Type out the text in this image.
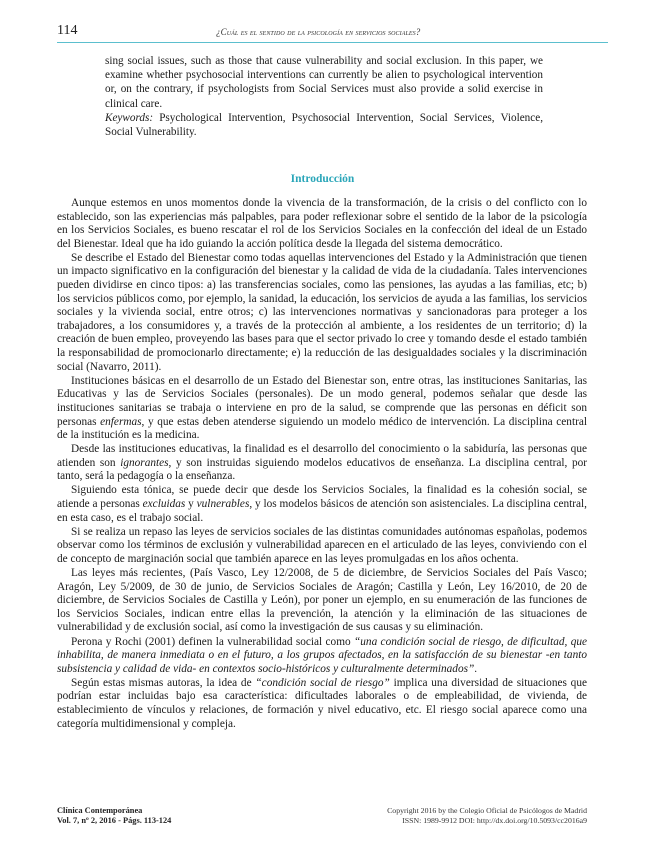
114	¿Cuál es el sentido de la psicología en servicios sociales?

sing social issues, such as those that cause vulnerability and social exclusion. In this paper, we examine whether psychosocial interventions can currently be alien to psychological intervention or, on the contrary, if psychologists from Social Services must also provide a solid exercise in clinical care.

Keywords: Psychological Intervention, Psychosocial Intervention, Social Services, Violence, Social Vulnerability.

Introducción

Aunque estemos en unos momentos donde la vivencia de la transformación, de la crisis o del conflicto con lo establecido, son las experiencias más palpables, para poder reflexionar sobre el sentido de la labor de la psicología en los Servicios Sociales, es bueno rescatar el rol de los Servicios Sociales en la confección del ideal de un Estado del Bienestar. Ideal que ha ido guiando la acción política desde la llegada del sistema democrático.

Se describe el Estado del Bienestar como todas aquellas intervenciones del Estado y la Administración que tienen un impacto significativo en la configuración del bienestar y la calidad de vida de la ciudadanía. Tales intervenciones pueden dividirse en cinco tipos: a) las transferencias sociales, como las pensiones, las ayudas a las familias, etc; b) los servicios públicos como, por ejemplo, la sanidad, la educación, los servicios de ayuda a las familias, los servicios sociales y la vivienda social, entre otros; c) las intervenciones normativas y sancionadoras para proteger a los trabajadores, a los consumidores y, a través de la protección al ambiente, a los residentes de un territorio; d) la creación de buen empleo, proveyendo las bases para que el sector privado lo cree y tomando desde el estado también la responsabilidad de promocionarlo directamente; e) la reducción de las desigualdades sociales y la discriminación social (Navarro, 2011).

Instituciones básicas en el desarrollo de un Estado del Bienestar son, entre otras, las instituciones Sanitarias, las Educativas y las de Servicios Sociales (personales). De un modo general, podemos señalar que desde las instituciones sanitarias se trabaja o interviene en pro de la salud, se comprende que las personas en déficit son personas enfermas, y que estas deben atenderse siguiendo un modelo médico de intervención. La disciplina central de la institución es la medicina.

Desde las instituciones educativas, la finalidad es el desarrollo del conocimiento o la sabiduría, las personas que atienden son ignorantes, y son instruidas siguiendo modelos educativos de enseñanza. La disciplina central, por tanto, será la pedagogía o la enseñanza.

Siguiendo esta tónica, se puede decir que desde los Servicios Sociales, la finalidad es la cohesión social, se atiende a personas excluidas y vulnerables, y los modelos básicos de atención son asistenciales. La disciplina central, en esta caso, es el trabajo social.

Si se realiza un repaso las leyes de servicios sociales de las distintas comunidades autónomas españolas, podemos observar como los términos de exclusión y vulnerabilidad aparecen en el articulado de las leyes, conviviendo con el de concepto de marginación social que también aparece en las leyes promulgadas en los años ochenta.

Las leyes más recientes, (País Vasco, Ley 12/2008, de 5 de diciembre, de Servicios Sociales del País Vasco; Aragón, Ley 5/2009, de 30 de junio, de Servicios Sociales de Aragón; Castilla y León, Ley 16/2010, de 20 de diciembre, de Servicios Sociales de Castilla y León), por poner un ejemplo, en su enumeración de las funciones de los Servicios Sociales, indican entre ellas la prevención, la atención y la eliminación de las situaciones de vulnerabilidad y de exclusión social, así como la investigación de sus causas y su eliminación.

Perona y Rochi (2001) definen la vulnerabilidad social como “una condición social de riesgo, de dificultad, que inhabilita, de manera inmediata o en el futuro, a los grupos afectados, en la satisfacción de su bienestar -en tanto subsistencia y calidad de vida- en contextos socio-históricos y culturalmente determinados”.

Según estas mismas autoras, la idea de “condición social de riesgo” implica una diversidad de situaciones que podrían estar incluidas bajo esa característica: dificultades laborales o de empleabilidad, de vivienda, de establecimiento de vínculos y relaciones, de formación y nivel educativo, etc. El riesgo social aparece como una categoría multidimensional y compleja.

Clínica Contemporánea
Vol. 7, nº 2, 2016 - Págs. 113-124
Copyright 2016 by the Colegio Oficial de Psicólogos de Madrid
ISSN: 1989-9912 DOI: http://dx.doi.org/10.5093/cc2016a9
